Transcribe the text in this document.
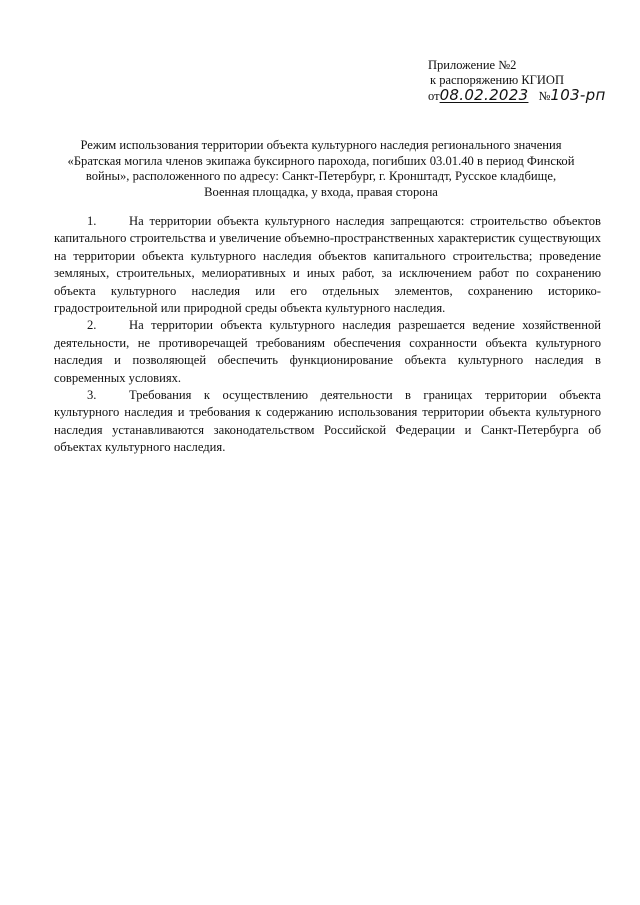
Приложение №2
к распоряжению КГИОП
от08.02.2023 №103-рп
Режим использования территории объекта культурного наследия регионального значения
«Братская могила членов экипажа буксирного парохода, погибших 03.01.40 в период Финской
войны», расположенного по адресу: Санкт-Петербург, г. Кронштадт, Русское кладбище,
Военная площадка, у входа, правая сторона

1.	На территории объекта культурного наследия запрещаются: строительство объектов капитального строительства и увеличение объемно-пространственных характеристик существующих на территории объекта культурного наследия объектов капитального строительства; проведение земляных, строительных, мелиоративных и иных работ, за исключением работ по сохранению объекта культурного наследия или его отдельных элементов, сохранению историко-градостроительной или природной среды объекта культурного наследия.

2.	На территории объекта культурного наследия разрешается ведение хозяйственной деятельности, не противоречащей требованиям обеспечения сохранности объекта культурного наследия и позволяющей обеспечить функционирование объекта культурного наследия в современных условиях.

3.	Требования к осуществлению деятельности в границах территории объекта культурного наследия и требования к содержанию использования территории объекта культурного наследия устанавливаются законодательством Российской Федерации и Санкт-Петербурга об объектах культурного наследия.
